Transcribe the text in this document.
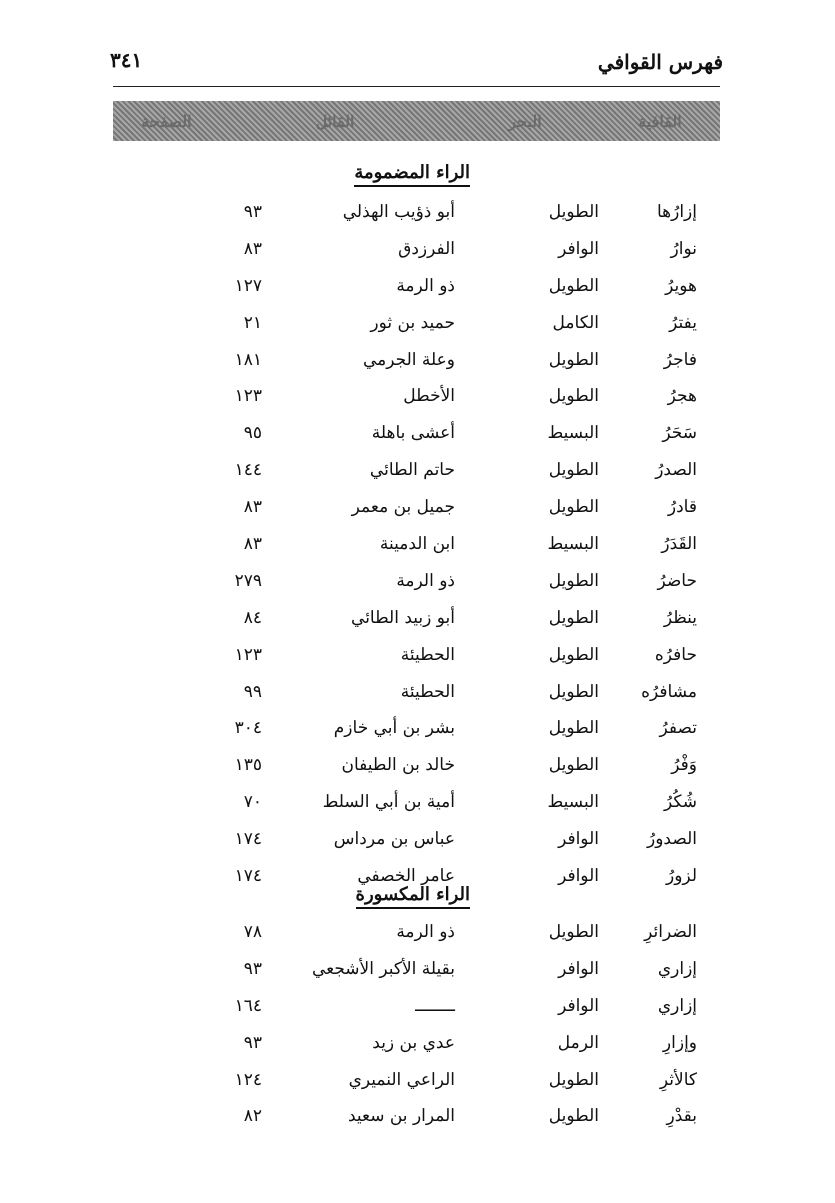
فهرس القوافي
٣٤١
القافية
البحر
القائل
الصفحة
الراء المضمومة
إزارُها
الطويل
أبو ذؤيب الهذلي
٩٣
نوارُ
الوافر
الفرزدق
٨٣
هويرُ
الطويل
ذو الرمة
١٢٧
يفترُ
الكامل
حميد بن ثور
٢١
فاجرُ
الطويل
وعلة الجرمي
١٨١
هجرُ
الطويل
الأخطل
١٢٣
سَحَرُ
البسيط
أعشى باهلة
٩٥
الصدرُ
الطويل
حاتم الطائي
١٤٤
قادرُ
الطويل
جميل بن معمر
٨٣
القَدَرُ
البسيط
ابن الدمينة
٨٣
حاضرُ
الطويل
ذو الرمة
٢٧٩
ينظرُ
الطويل
أبو زبيد الطائي
٨٤
حافرُه
الطويل
الحطيئة
١٢٣
مشافرُه
الطويل
الحطيئة
٩٩
تصفرُ
الطويل
بشر بن أبي خازم
٣٠٤
وَفْرُ
الطويل
خالد بن الطيفان
١٣٥
شُكُرُ
البسيط
أمية بن أبي السلط
٧٠
الصدورُ
الوافر
عباس بن مرداس
١٧٤
لزورُ
الوافر
عامر الخصفي
١٧٤
الراء المكسورة
الضرائرِ
الطويل
ذو الرمة
٧٨
إزاري
الوافر
بقيلة الأكبر الأشجعي
٩٣
إزاري
الوافر
ــــــــ
١٦٤
وإزارِ
الرمل
عدي بن زيد
٩٣
كالأثرِ
الطويل
الراعي النميري
١٢٤
بقدْرِ
الطويل
المرار بن سعيد
٨٢
